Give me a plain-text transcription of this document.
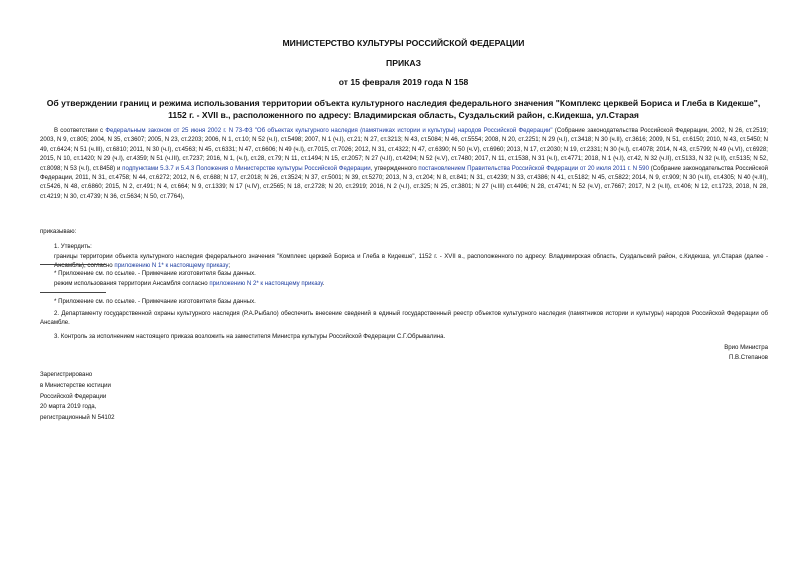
МИНИСТЕРСТВО КУЛЬТУРЫ РОССИЙСКОЙ ФЕДЕРАЦИИ
ПРИКАЗ
от 15 февраля 2019 года N 158
Об утверждении границ и режима использования территории объекта культурного наследия федерального значения "Комплекс церквей Бориса и Глеба в Кидекше", 1152 г. - XVII в., расположенного по адресу: Владимирская область, Суздальский район, с.Кидекша, ул.Старая
В соответствии с Федеральным законом от 25 июня 2002 г. N 73-ФЗ "Об объектах культурного наследия (памятниках истории и культуры) народов Российской Федерации" (Собрание законодательства Российской Федерации, 2002, N 26, ст.2519; 2003, N 9, ст.805; 2004, N 35, ст.3607; 2005, N 23, ст.2203; 2006, N 1, ст.10; N 52 (ч.I), ст.5498; 2007, N 1 (ч.I), ст.21; N 27, ст.3213; N 43, ст.5084; N 46, ст.5554; 2008, N 20, ст.2251; N 29 (ч.I), ст.3418; N 30 (ч.II), ст.3616; 2009, N 51, ст.6150; 2010, N 43, ст.5450; N 49, ст.6424; N 51 (ч.III), ст.6810; 2011, N 30 (ч.I), ст.4563; N 45, ст.6331; N 47, ст.6606; N 49 (ч.I), ст.7015, ст.7026; 2012, N 31, ст.4322; N 47, ст.6390; N 50 (ч.V), ст.6960; 2013, N 17, ст.2030; N 19, ст.2331; N 30 (ч.I), ст.4078; 2014, N 43, ст.5799; N 49 (ч.VI), ст.6928; 2015, N 10, ст.1420; N 29 (ч.I), ст.4359; N 51 (ч.III), ст.7237; 2016, N 1, (ч.I), ст.28, ст.79; N 11, ст.1494; N 15, ст.2057; N 27 (ч.II), ст.4294; N 52 (ч.V), ст.7480; 2017, N 11, ст.1538, N 31 (ч.I), ст.4771; 2018, N 1 (ч.I), ст.42, N 32 (ч.II), ст.5133, N 32 (ч.II), ст.5135; N 52, ст.8098; N 53 (ч.I), ст.8458) и подпунктами 5.3.7 и 5.4.3 Положения о Министерстве культуры Российской Федерации, утвержденного постановлением Правительства Российской Федерации от 20 июля 2011 г. N 590 (Собрание законодательства Российской Федерации, 2011, N 31, ст.4758; N 44, ст.6272; 2012, N 6, ст.688; N 17, ст.2018; N 26, ст.3524; N 37, ст.5001; N 39, ст.5270; 2013, N 3, ст.204; N 8, ст.841; N 31, ст.4239; N 33, ст.4386; N 41, ст.5182; N 45, ст.5822; 2014, N 9, ст.909; N 30 (ч.II), ст.4305; N 40 (ч.III), ст.5426, N 48, ст.6860; 2015, N 2, ст.491; N 4, ст.664; N 9, ст.1339; N 17 (ч.IV), ст.2565; N 18, ст.2728; N 20, ст.2919; 2016, N 2 (ч.I), ст.325; N 25, ст.3801; N 27 (ч.III) ст.4496; N 28, ст.4741; N 52 (ч.V), ст.7667; 2017, N 2 (ч.II), ст.406; N 12, ст.1723, 2018, N 28, ст.4219; N 30, ст.4739; N 36, ст.5634; N 50, ст.7764),
приказываю:
1. Утвердить:
границы территории объекта культурного наследия федерального значения "Комплекс церквей Бориса и Глеба в Кидекше", 1152 г. - XVII в., расположенного по адресу: Владимирская область, Суздальский район, с.Кидекша, ул.Старая (далее - Ансамбль), согласно приложению N 1* к настоящему приказу;
* Приложение см. по ссылке. - Примечание изготовителя базы данных.
режим использования территории Ансамбля согласно приложению N 2* к настоящему приказу.
* Приложение см. по ссылке. - Примечание изготовителя базы данных.
2. Департаменту государственной охраны культурного наследия (Р.А.Рыбало) обеспечить внесение сведений в единый государственный реестр объектов культурного наследия (памятников истории и культуры) народов Российской Федерации об Ансамбле.
3. Контроль за исполнением настоящего приказа возложить на заместителя Министра культуры Российской Федерации С.Г.Обрывалина.
Врио Министра
П.В.Степанов
Зарегистрировано
в Министерстве юстиции
Российской Федерации
20 марта 2019 года,
регистрационный N 54102
